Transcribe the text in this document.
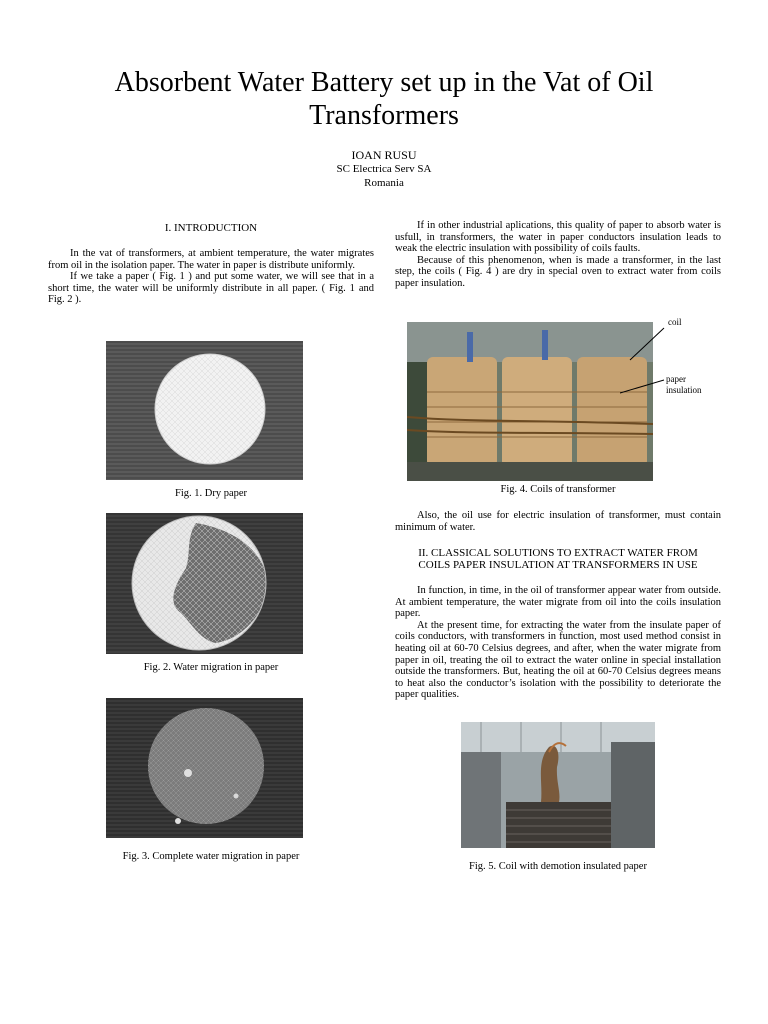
Absorbent Water Battery set up in the Vat of Oil Transformers
IOAN RUSU
SC Electrica Serv SA
Romania
I. INTRODUCTION

In the vat of transformers, at ambient temperature, the water migrates from oil in the isolation paper. The water in paper is distribute uniformly.

If we take a paper ( Fig. 1 ) and put some water, we will see that in a short time, the water will be uniformly distribute in all paper. ( Fig. 1 and Fig. 2 ).

Fig. 1. Dry paper
Fig. 2. Water migration in paper
Fig. 3. Complete water migration in paper

If in other industrial aplications, this quality of paper to absorb water is usfull, in transformers, the water in paper conductors insulation leads to weak the electric insulation with possibility of coils faults.

Because of this phenomenon, when is made a transformer, in the last step, the coils ( Fig. 4 ) are dry in special oven to extract water from coils paper insulation.

coil
paper
insulation
Fig. 4. Coils of transformer

Also, the oil use for electric insulation of transformer, must contain minimum of water.

II. CLASSICAL SOLUTIONS TO EXTRACT WATER FROM
COILS PAPER INSULATION AT TRANSFORMERS IN USE

In function, in time, in the oil of transformer appear water from outside. At ambient temperature, the water migrate from oil into the coils insulation paper.

At the present time, for extracting the water from the insulate paper of coils conductors, with transformers in function, most used method consist in heating oil at 60-70 Celsius degrees, and after, when the water migrate from paper in oil, treating the oil to extract the water online in special installation outside the transformers. But, heating the oil at 60-70 Celsius degrees means to heat also the conductor’s isolation with the possibility to deteriorate the paper qualities.

Fig. 5. Coil with demotion insulated paper
